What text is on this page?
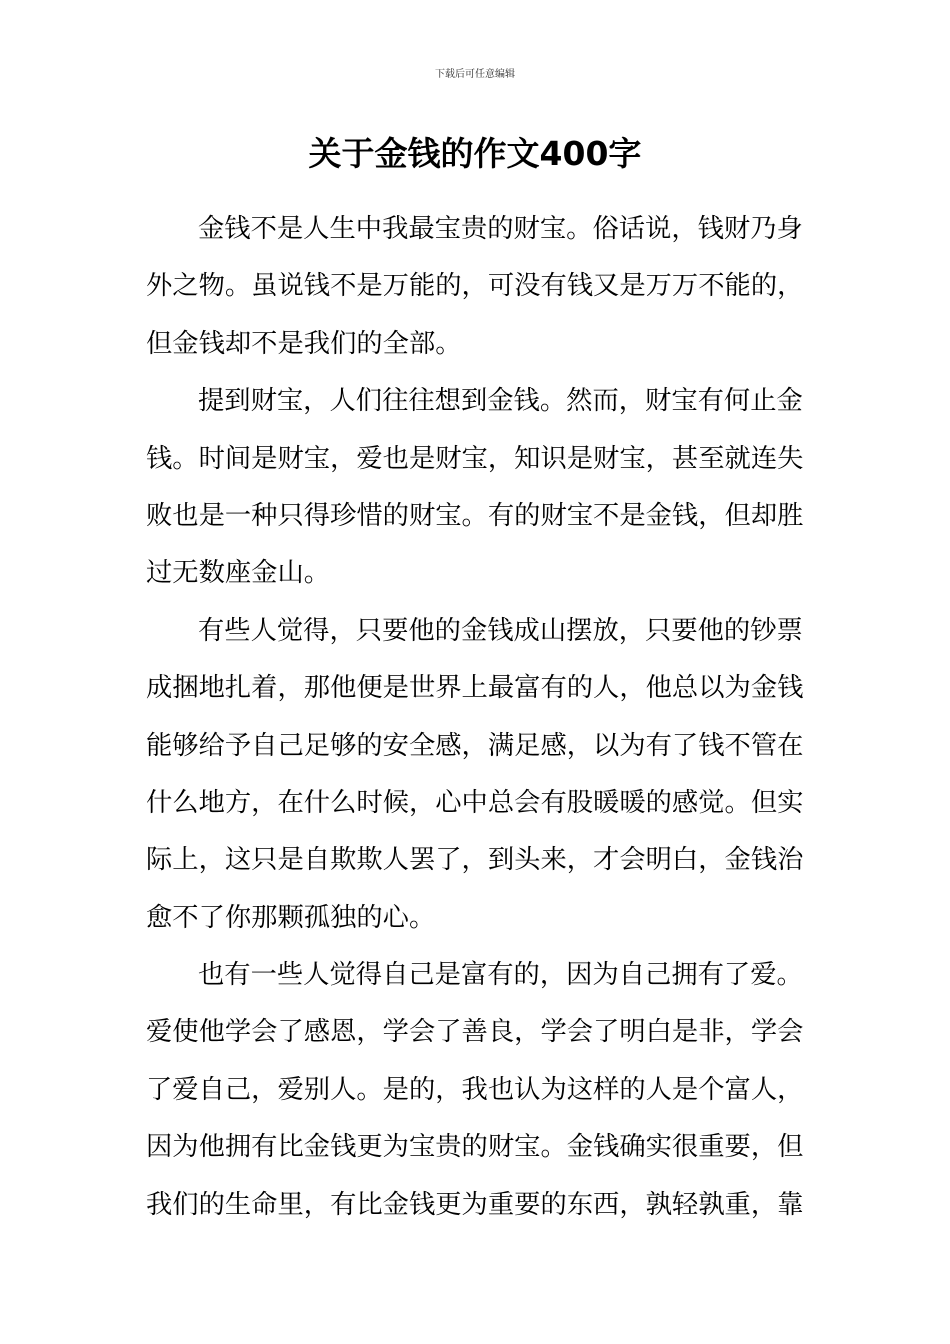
下载后可任意编辑
关于金钱的作文400字
金钱不是人生中我最宝贵的财宝。俗话说，钱财乃身
外之物。虽说钱不是万能的，可没有钱又是万万不能的，
但金钱却不是我们的全部。
提到财宝，人们往往想到金钱。然而，财宝有何止金
钱。时间是财宝，爱也是财宝，知识是财宝，甚至就连失
败也是一种只得珍惜的财宝。有的财宝不是金钱，但却胜
过无数座金山。
有些人觉得，只要他的金钱成山摆放，只要他的钞票
成捆地扎着，那他便是世界上最富有的人，他总以为金钱
能够给予自己足够的安全感，满足感，以为有了钱不管在
什么地方，在什么时候，心中总会有股暖暖的感觉。但实
际上，这只是自欺欺人罢了，到头来，才会明白，金钱治
愈不了你那颗孤独的心。
也有一些人觉得自己是富有的，因为自己拥有了爱。
爱使他学会了感恩，学会了善良，学会了明白是非，学会
了爱自己，爱别人。是的，我也认为这样的人是个富人，
因为他拥有比金钱更为宝贵的财宝。金钱确实很重要，但
我们的生命里，有比金钱更为重要的东西，孰轻孰重，靠
